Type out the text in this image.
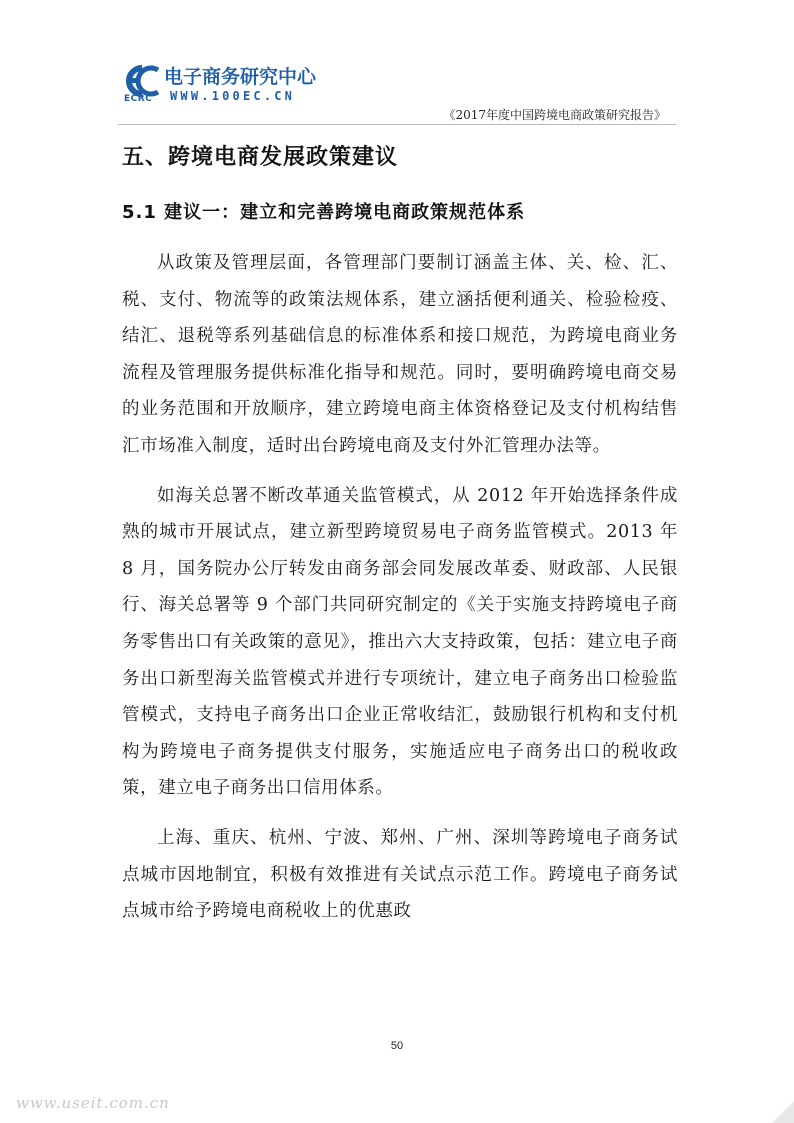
ECRC
电子商务研究中心
WWW.100EC.CN
《2017年度中国跨境电商政策研究报告》
五、跨境电商发展政策建议
5.1 建议一：建立和完善跨境电商政策规范体系

从政策及管理层面，各管理部门要制订涵盖主体、关、检、汇、税、支付、物流等的政策法规体系，建立涵括便利通关、检验检疫、结汇、退税等系列基础信息的标准体系和接口规范，为跨境电商业务流程及管理服务提供标准化指导和规范。同时，要明确跨境电商交易的业务范围和开放顺序，建立跨境电商主体资格登记及支付机构结售汇市场准入制度，适时出台跨境电商及支付外汇管理办法等。

如海关总署不断改革通关监管模式，从 2012 年开始选择条件成熟的城市开展试点，建立新型跨境贸易电子商务监管模式。2013 年 8 月，国务院办公厅转发由商务部会同发展改革委、财政部、人民银行、海关总署等 9 个部门共同研究制定的《关于实施支持跨境电子商务零售出口有关政策的意见》，推出六大支持政策，包括：建立电子商务出口新型海关监管模式并进行专项统计，建立电子商务出口检验监管模式，支持电子商务出口企业正常收结汇，鼓励银行机构和支付机构为跨境电子商务提供支付服务，实施适应电子商务出口的税收政策，建立电子商务出口信用体系。

上海、重庆、杭州、宁波、郑州、广州、深圳等跨境电子商务试点城市因地制宜，积极有效推进有关试点示范工作。跨境电子商务试点城市给予跨境电商税收上的优惠政

50
www.useit.com.cn
